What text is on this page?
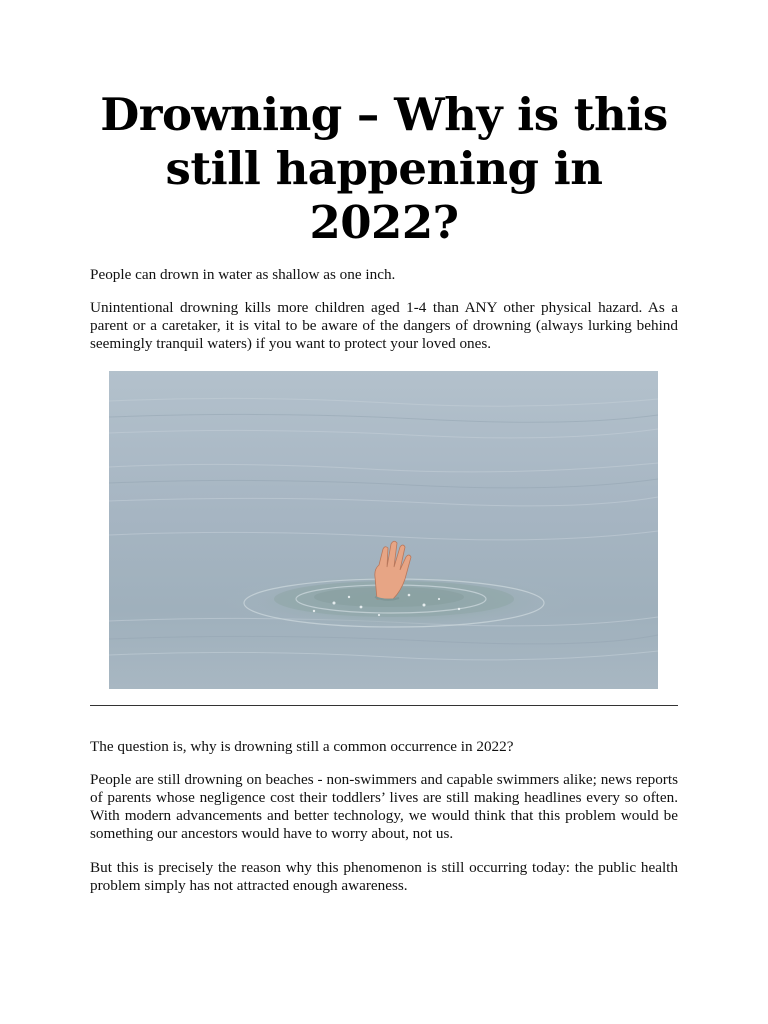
Drowning – Why is this still happening in 2022?

People can drown in water as shallow as one inch.

Unintentional drowning kills more children aged 1-4 than ANY other physical hazard. As a parent or a caretaker, it is vital to be aware of the dangers of drowning (always lurking behind seemingly tranquil waters) if you want to protect your loved ones.

The question is, why is drowning still a common occurrence in 2022?

People are still drowning on beaches - non-swimmers and capable swimmers alike; news reports of parents whose negligence cost their toddlers’ lives are still making headlines every so often. With modern advancements and better technology, we would think that this problem would be something our ancestors would have to worry about, not us.

But this is precisely the reason why this phenomenon is still occurring today: the public health problem simply has not attracted enough awareness.
